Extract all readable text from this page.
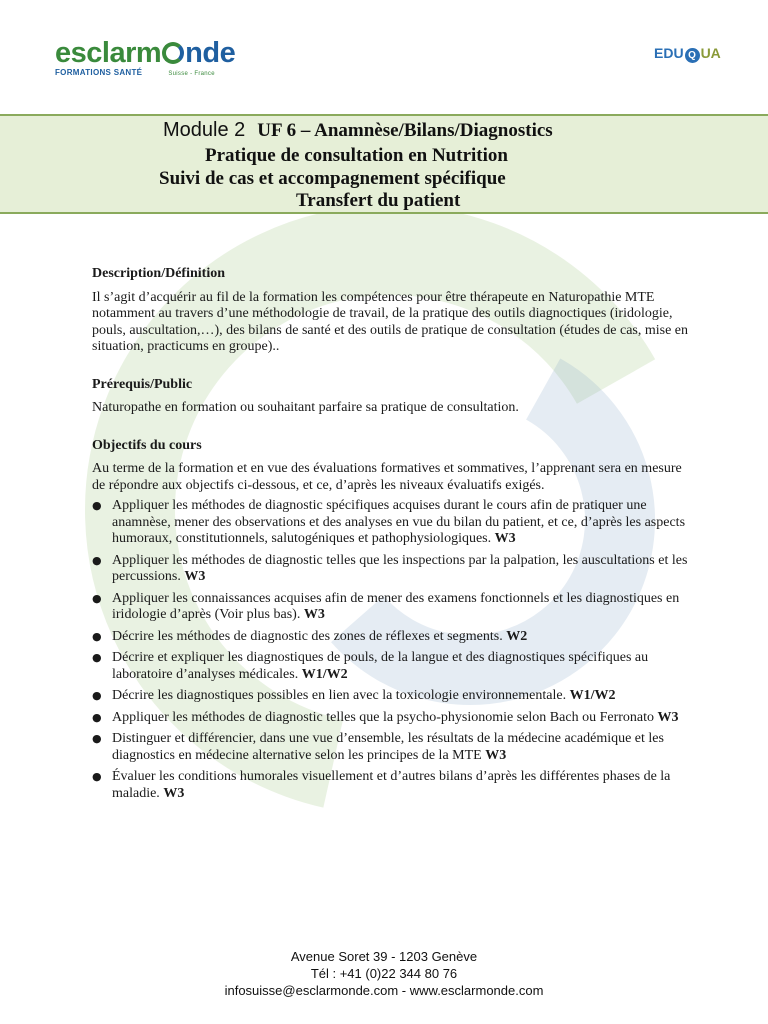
esclarm nde
FORMATIONS SANTÉ	Suisse - France
EDU Q UA
Module 2 UF 6 – Anamnèse/Bilans/Diagnostics
Pratique de consultation en Nutrition
Suivi de cas et accompagnement spécifique
Transfert du patient
Description/Définition
Il s’agit d’acquérir au fil de la formation les compétences pour être thérapeute en Naturopathie MTE notamment au travers d’une méthodologie de travail, de la pratique des outils diagnoctiques (iridologie, pouls, auscultation,…), des bilans de santé et des outils de pratique de consultation (études de cas, mise en situation, practicums en groupe)..
Prérequis/Public
Naturopathe en formation ou souhaitant parfaire sa pratique de consultation.
Objectifs du cours
Au terme de la formation et en vue des évaluations formatives et sommatives, l’apprenant sera en mesure de répondre aux objectifs ci-dessous, et ce, d’après les niveaux évaluatifs exigés.
● Appliquer les méthodes de diagnostic spécifiques acquises durant le cours afin de pratiquer une anamnèse, mener des observations et des analyses en vue du bilan du patient, et ce, d’après les aspects humoraux, constitutionnels, salutogéniques et pathophysiologiques. W3
● Appliquer les méthodes de diagnostic telles que les inspections par la palpation, les auscultations et les percussions. W3
● Appliquer les connaissances acquises afin de mener des examens fonctionnels et les diagnostiques en iridologie d’après (Voir plus bas). W3
● Décrire les méthodes de diagnostic des zones de réflexes et segments. W2
● Décrire et expliquer les diagnostiques de pouls, de la langue et des diagnostiques spécifiques au laboratoire d’analyses médicales. W1/W2
● Décrire les diagnostiques possibles en lien avec la toxicologie environnementale. W1/W2
● Appliquer les méthodes de diagnostic telles que la psycho-physionomie selon Bach ou Ferronato W3
● Distinguer et différencier, dans une vue d’ensemble, les résultats de la médecine académique et les diagnostics en médecine alternative selon les principes de la MTE W3
● Évaluer les conditions humorales visuellement et d’autres bilans d’après les différentes phases de la maladie. W3
Avenue Soret 39 - 1203 Genève
Tél : +41 (0)22 344 80 76
infosuisse@esclarmonde.com - www.esclarmonde.com
